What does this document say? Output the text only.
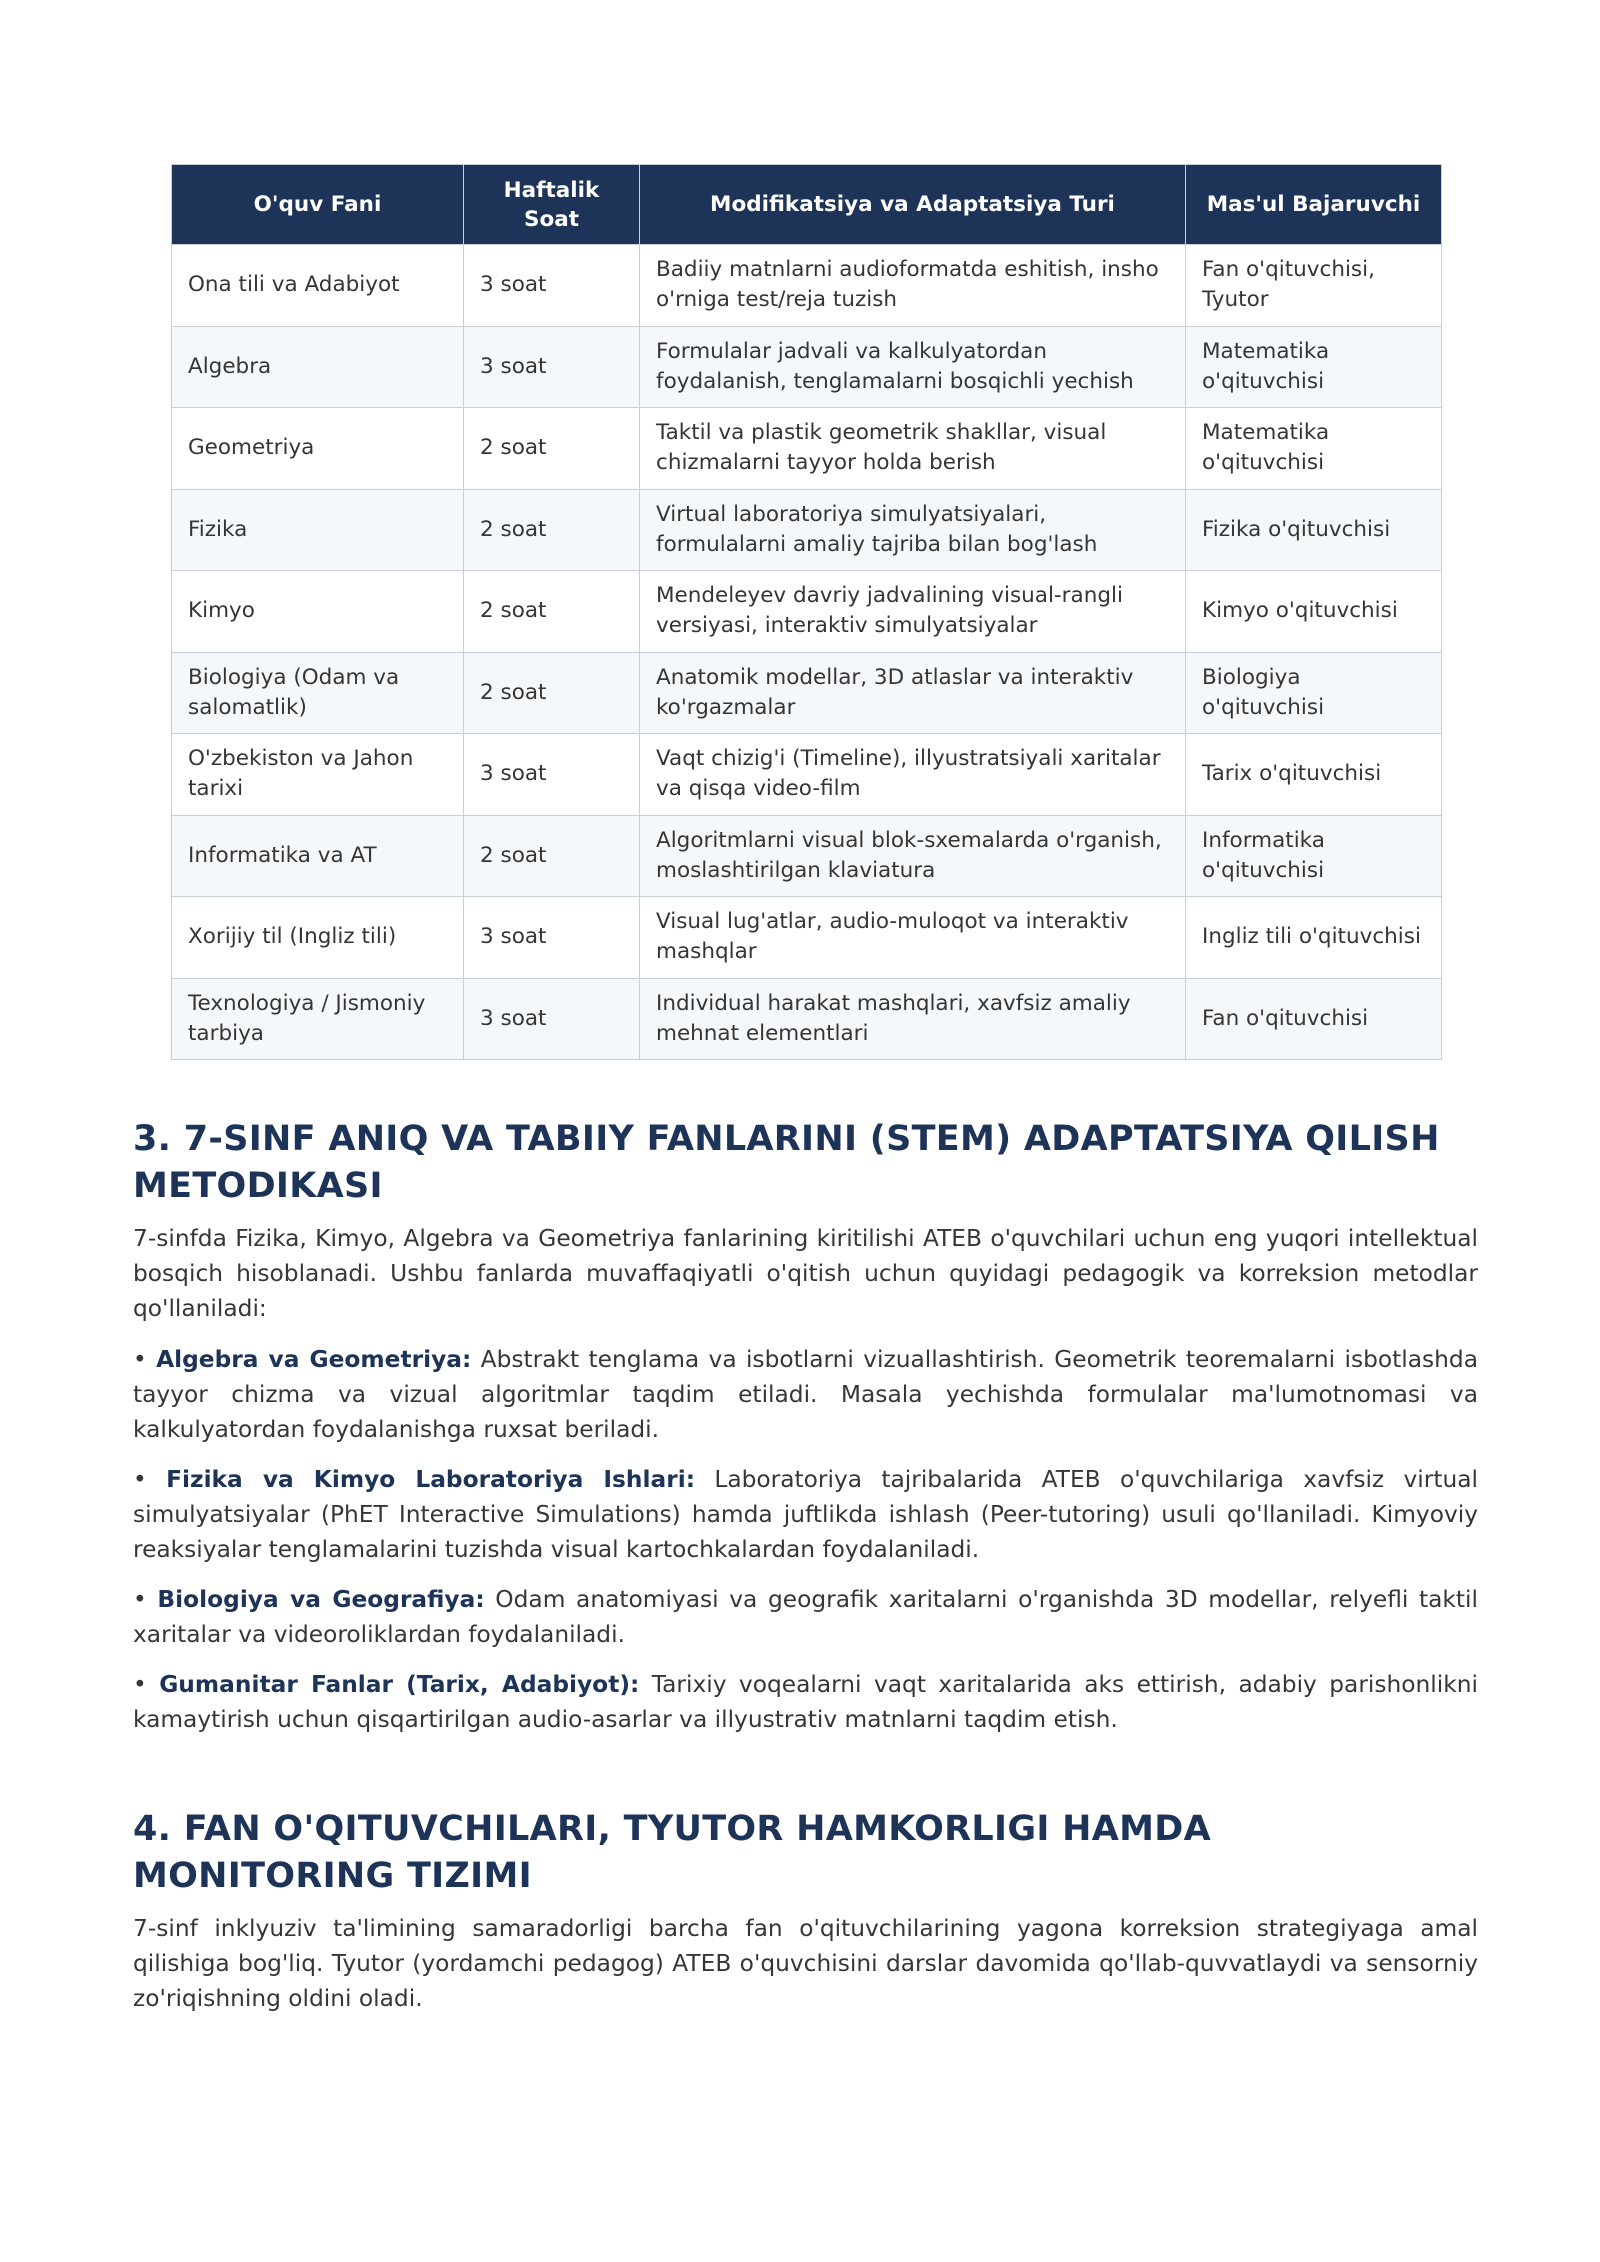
O'quv Fani	Haftalik Soat	Modifikatsiya va Adaptatsiya Turi	Mas'ul Bajaruvchi
Ona tili va Adabiyot	3 soat	Badiiy matnlarni audioformatda eshitish, insho o'rniga test/reja tuzish	Fan o'qituvchisi, Tyutor
Algebra	3 soat	Formulalar jadvali va kalkulyatordan foydalanish, tenglamalarni bosqichli yechish	Matematika o'qituvchisi
Geometriya	2 soat	Taktil va plastik geometrik shakllar, visual chizmalarni tayyor holda berish	Matematika o'qituvchisi
Fizika	2 soat	Virtual laboratoriya simulyatsiyalari, formulalarni amaliy tajriba bilan bog'lash	Fizika o'qituvchisi
Kimyo	2 soat	Mendeleyev davriy jadvalining visual-rangli versiyasi, interaktiv simulyatsiyalar	Kimyo o'qituvchisi
Biologiya (Odam va salomatlik)	2 soat	Anatomik modellar, 3D atlaslar va interaktiv ko'rgazmalar	Biologiya o'qituvchisi
O'zbekiston va Jahon tarixi	3 soat	Vaqt chizig'i (Timeline), illyustratsiyali xaritalar va qisqa video-film	Tarix o'qituvchisi
Informatika va AT	2 soat	Algoritmlarni visual blok-sxemalarda o'rganish, moslashtirilgan klaviatura	Informatika o'qituvchisi
Xorijiy til (Ingliz tili)	3 soat	Visual lug'atlar, audio-muloqot va interaktiv mashqlar	Ingliz tili o'qituvchisi
Texnologiya / Jismoniy tarbiya	3 soat	Individual harakat mashqlari, xavfsiz amaliy mehnat elementlari	Fan o'qituvchisi
3. 7-SINF ANIQ VA TABIIY FANLARINI (STEM) ADAPTATSIYA QILISH METODIKASI

7-sinfda Fizika, Kimyo, Algebra va Geometriya fanlarining kiritilishi ATEB o'quvchilari uchun eng yuqori intellektual bosqich hisoblanadi. Ushbu fanlarda muvaffaqiyatli o'qitish uchun quyidagi pedagogik va korreksion metodlar qo'llaniladi:

• Algebra va Geometriya: Abstrakt tenglama va isbotlarni vizuallashtirish. Geometrik teoremalarni isbotlashda tayyor chizma va vizual algoritmlar taqdim etiladi. Masala yechishda formulalar ma'lumotnomasi va kalkulyatordan foydalanishga ruxsat beriladi.

• Fizika va Kimyo Laboratoriya Ishlari: Laboratoriya tajribalarida ATEB o'quvchilariga xavfsiz virtual simulyatsiyalar (PhET Interactive Simulations) hamda juftlikda ishlash (Peer-tutoring) usuli qo'llaniladi. Kimyoviy reaksiyalar tenglamalarini tuzishda visual kartochkalardan foydalaniladi.

• Biologiya va Geografiya: Odam anatomiyasi va geografik xaritalarni o'rganishda 3D modellar, relyefli taktil xaritalar va videoroliklardan foydalaniladi.

• Gumanitar Fanlar (Tarix, Adabiyot): Tarixiy voqealarni vaqt xaritalarida aks ettirish, adabiy parishonlikni kamaytirish uchun qisqartirilgan audio-asarlar va illyustrativ matnlarni taqdim etish.

4. FAN O'QITUVCHILARI, TYUTOR HAMKORLIGI HAMDA MONITORING TIZIMI

7-sinf inklyuziv ta'limining samaradorligi barcha fan o'qituvchilarining yagona korreksion strategiyaga amal qilishiga bog'liq. Tyutor (yordamchi pedagog) ATEB o'quvchisini darslar davomida qo'llab-quvvatlaydi va sensorniy zo'riqishning oldini oladi.
